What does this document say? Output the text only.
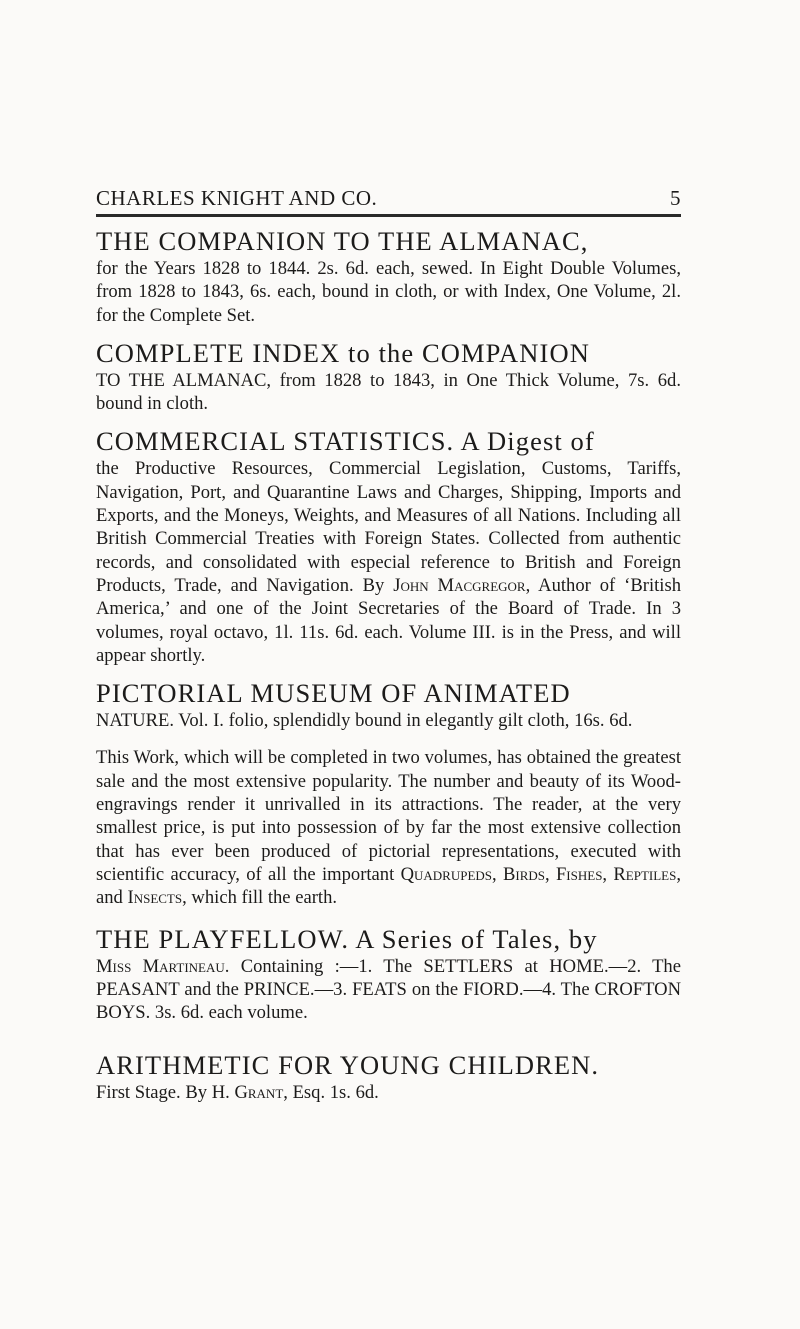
CHARLES KNIGHT AND CO.	5

THE COMPANION TO THE ALMANAC,

for the Years 1828 to 1844. 2s. 6d. each, sewed. In Eight Double Volumes, from 1828 to 1843, 6s. each, bound in cloth, or with Index, One Volume, 2l. for the Complete Set.

COMPLETE INDEX to the COMPANION

TO THE ALMANAC, from 1828 to 1843, in One Thick Volume, 7s. 6d. bound in cloth.

COMMERCIAL STATISTICS. A Digest of

the Productive Resources, Commercial Legislation, Customs, Tariffs, Navigation, Port, and Quarantine Laws and Charges, Shipping, Imports and Exports, and the Moneys, Weights, and Measures of all Nations. Including all British Commercial Treaties with Foreign States. Collected from authentic records, and consolidated with especial reference to British and Foreign Products, Trade, and Navigation. By John Macgregor, Author of ‘British America,’ and one of the Joint Secretaries of the Board of Trade. In 3 volumes, royal octavo, 1l. 11s. 6d. each. Volume III. is in the Press, and will appear shortly.

PICTORIAL MUSEUM OF ANIMATED

NATURE. Vol. I. folio, splendidly bound in elegantly gilt cloth, 16s. 6d.

This Work, which will be completed in two volumes, has obtained the greatest sale and the most extensive popularity. The number and beauty of its Wood-engravings render it unrivalled in its attractions. The reader, at the very smallest price, is put into possession of by far the most extensive collection that has ever been produced of pictorial representations, executed with scientific accuracy, of all the important Quadrupeds, Birds, Fishes, Reptiles, and Insects, which fill the earth.

THE PLAYFELLOW. A Series of Tales, by

Miss Martineau. Containing :—1. The SETTLERS at HOME.—2. The PEASANT and the PRINCE.—3. FEATS on the FIORD.—4. The CROFTON BOYS. 3s. 6d. each volume.

ARITHMETIC FOR YOUNG CHILDREN.

First Stage. By H. Grant, Esq. 1s. 6d.
